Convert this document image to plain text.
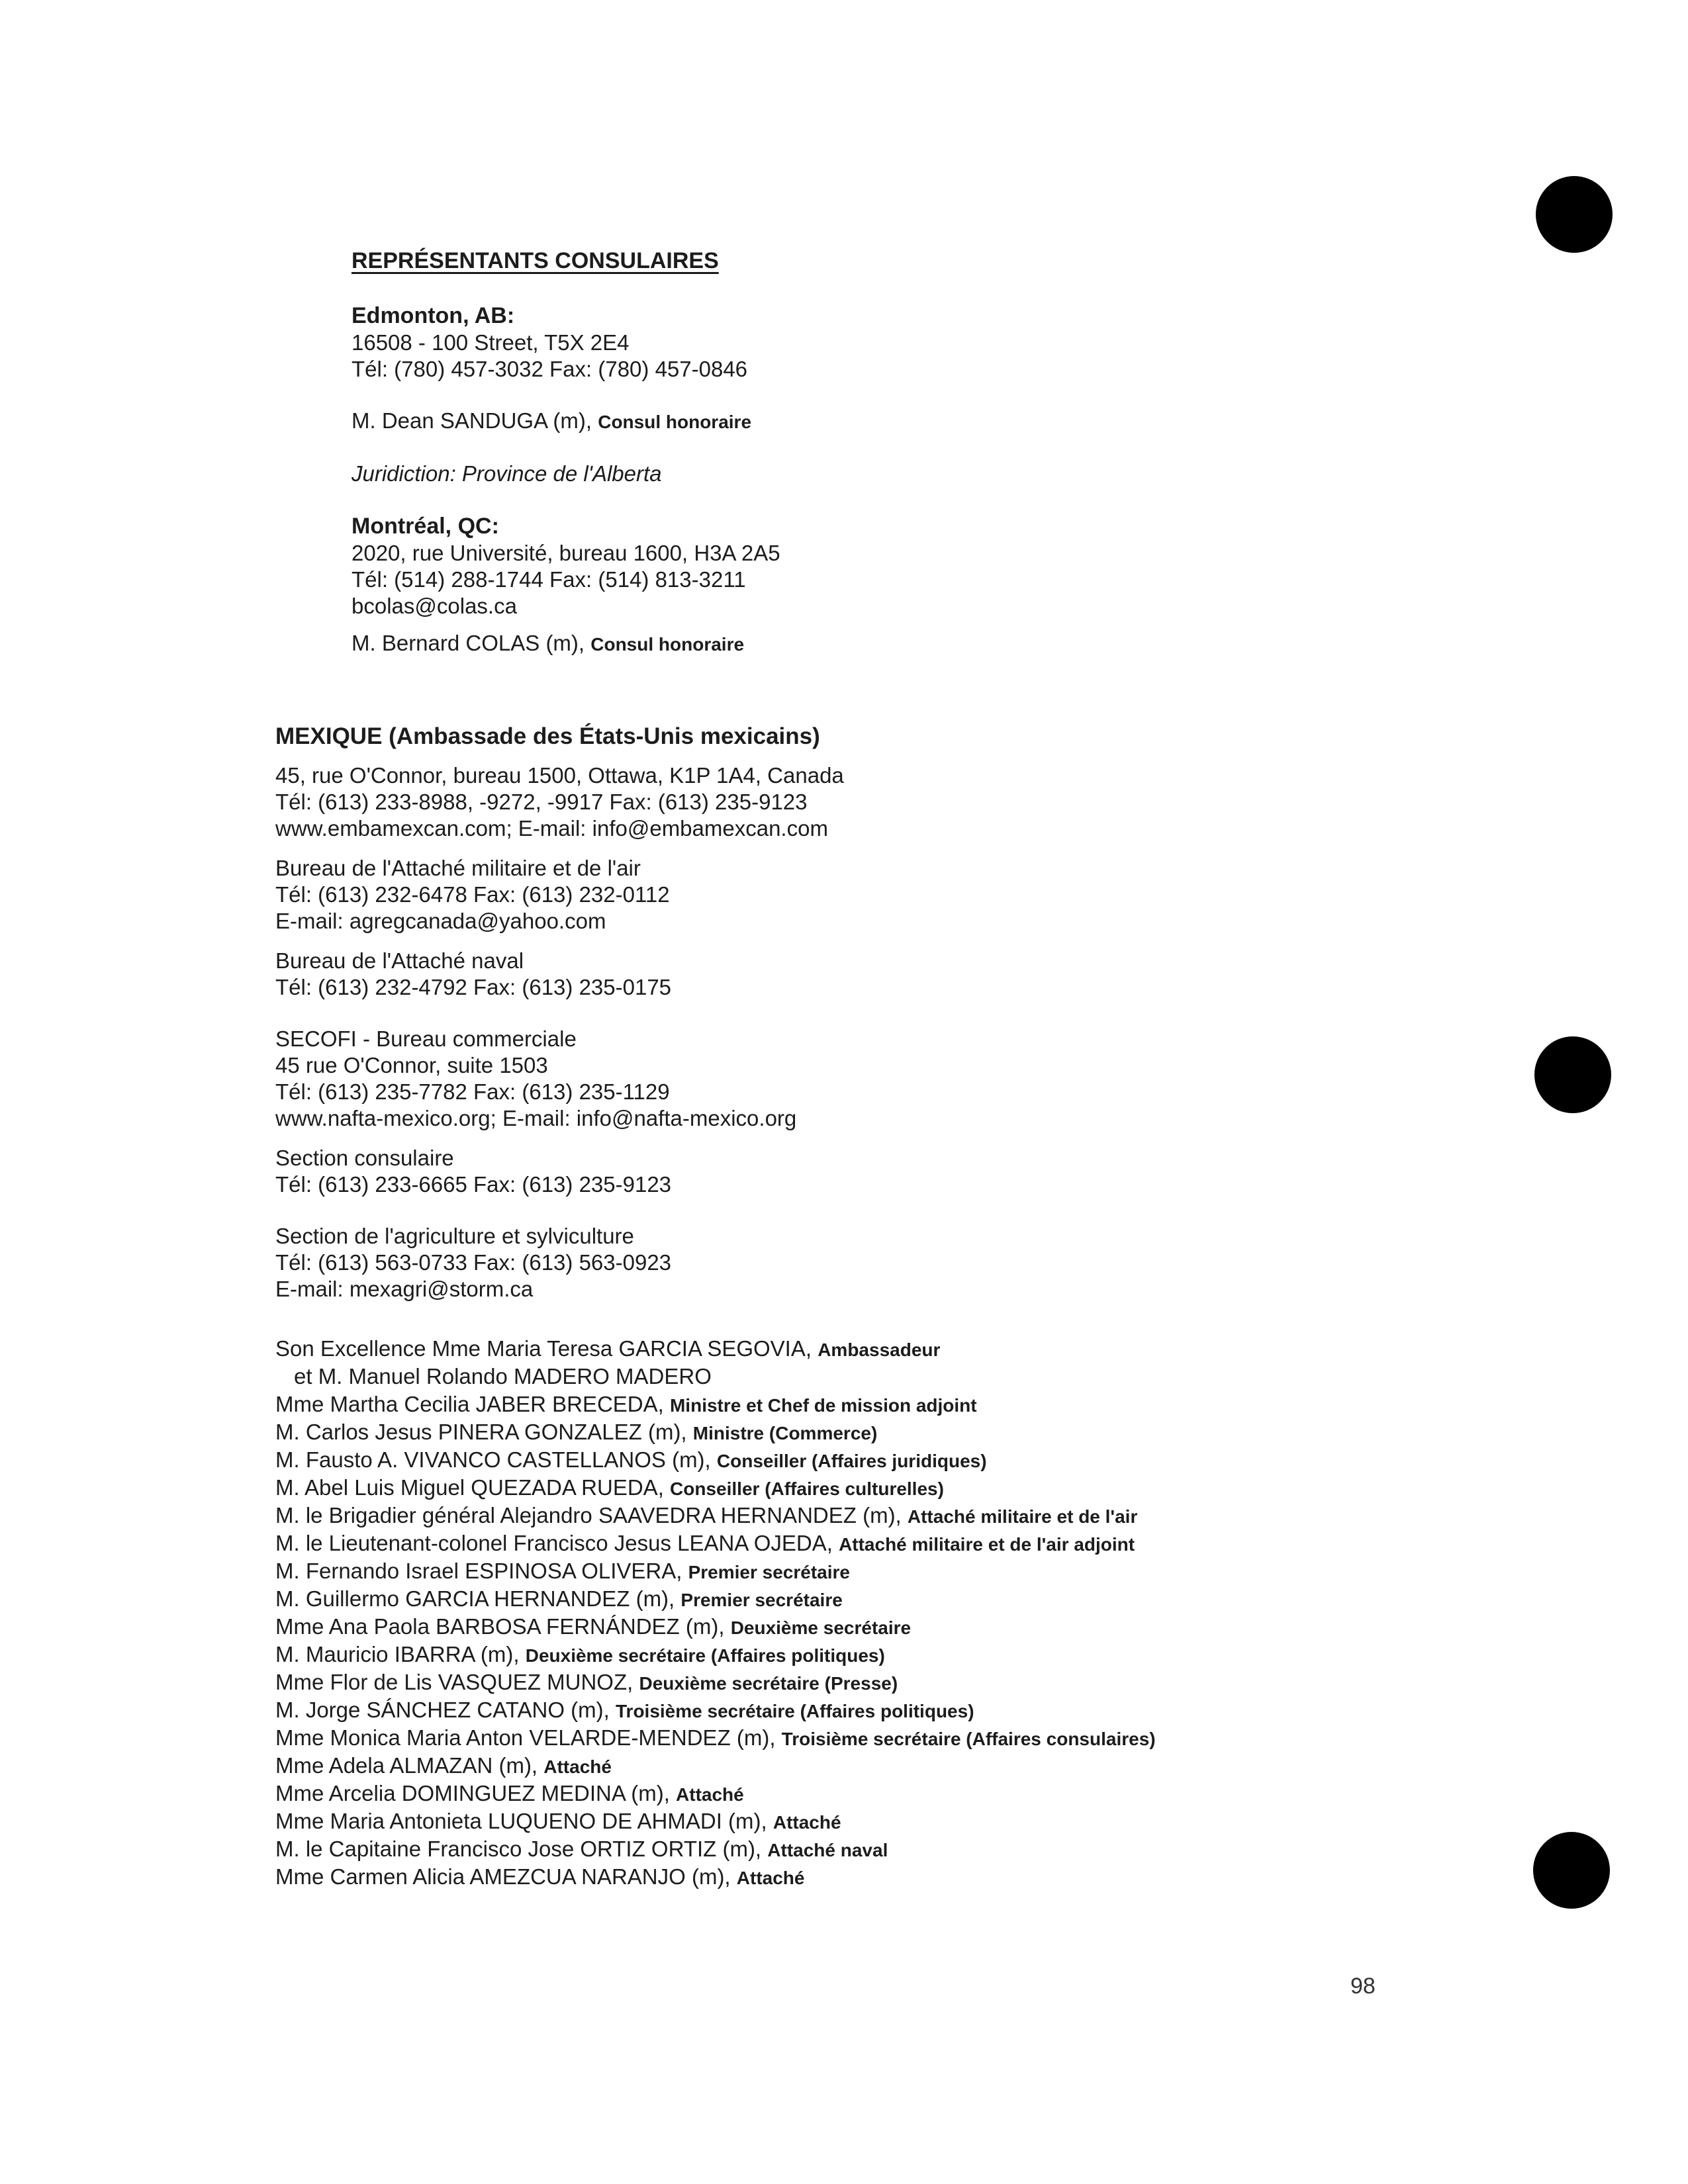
REPRÉSENTANTS CONSULAIRES
Edmonton, AB:
16508 - 100 Street, T5X 2E4
Tél: (780) 457-3032 Fax: (780) 457-0846
M. Dean SANDUGA (m), Consul honoraire
Juridiction: Province de l'Alberta
Montréal, QC:
2020, rue Université, bureau 1600, H3A 2A5
Tél: (514) 288-1744 Fax: (514) 813-3211
bcolas@colas.ca
M. Bernard COLAS (m), Consul honoraire
MEXIQUE (Ambassade des États-Unis mexicains)
45, rue O'Connor, bureau 1500, Ottawa, K1P 1A4, Canada
Tél: (613) 233-8988, -9272, -9917 Fax: (613) 235-9123
www.embamexcan.com; E-mail: info@embamexcan.com
Bureau de l'Attaché militaire et de l'air
Tél: (613) 232-6478 Fax: (613) 232-0112
E-mail: agregcanada@yahoo.com
Bureau de l'Attaché naval
Tél: (613) 232-4792 Fax: (613) 235-0175
SECOFI - Bureau commerciale
45 rue O'Connor, suite 1503
Tél: (613) 235-7782 Fax: (613) 235-1129
www.nafta-mexico.org; E-mail: info@nafta-mexico.org
Section consulaire
Tél: (613) 233-6665 Fax: (613) 235-9123
Section de l'agriculture et sylviculture
Tél: (613) 563-0733 Fax: (613) 563-0923
E-mail: mexagri@storm.ca
Son Excellence Mme Maria Teresa GARCIA SEGOVIA, Ambassadeur
et M. Manuel Rolando MADERO MADERO
Mme Martha Cecilia JABER BRECEDA, Ministre et Chef de mission adjoint
M. Carlos Jesus PINERA GONZALEZ (m), Ministre (Commerce)
M. Fausto A. VIVANCO CASTELLANOS (m), Conseiller (Affaires juridiques)
M. Abel Luis Miguel QUEZADA RUEDA, Conseiller (Affaires culturelles)
M. le Brigadier général Alejandro SAAVEDRA HERNANDEZ (m), Attaché militaire et de l'air
M. le Lieutenant-colonel Francisco Jesus LEANA OJEDA, Attaché militaire et de l'air adjoint
M. Fernando Israel ESPINOSA OLIVERA, Premier secrétaire
M. Guillermo GARCIA HERNANDEZ (m), Premier secrétaire
Mme Ana Paola BARBOSA FERNÁNDEZ (m), Deuxième secrétaire
M. Mauricio IBARRA (m), Deuxième secrétaire (Affaires politiques)
Mme Flor de Lis VASQUEZ MUNOZ, Deuxième secrétaire (Presse)
M. Jorge SÁNCHEZ CATANO (m), Troisième secrétaire (Affaires politiques)
Mme Monica Maria Anton VELARDE-MENDEZ (m), Troisième secrétaire (Affaires consulaires)
Mme Adela ALMAZAN (m), Attaché
Mme Arcelia DOMINGUEZ MEDINA (m), Attaché
Mme Maria Antonieta LUQUENO DE AHMADI (m), Attaché
M. le Capitaine Francisco Jose ORTIZ ORTIZ (m), Attaché naval
Mme Carmen Alicia AMEZCUA NARANJO (m), Attaché
98
